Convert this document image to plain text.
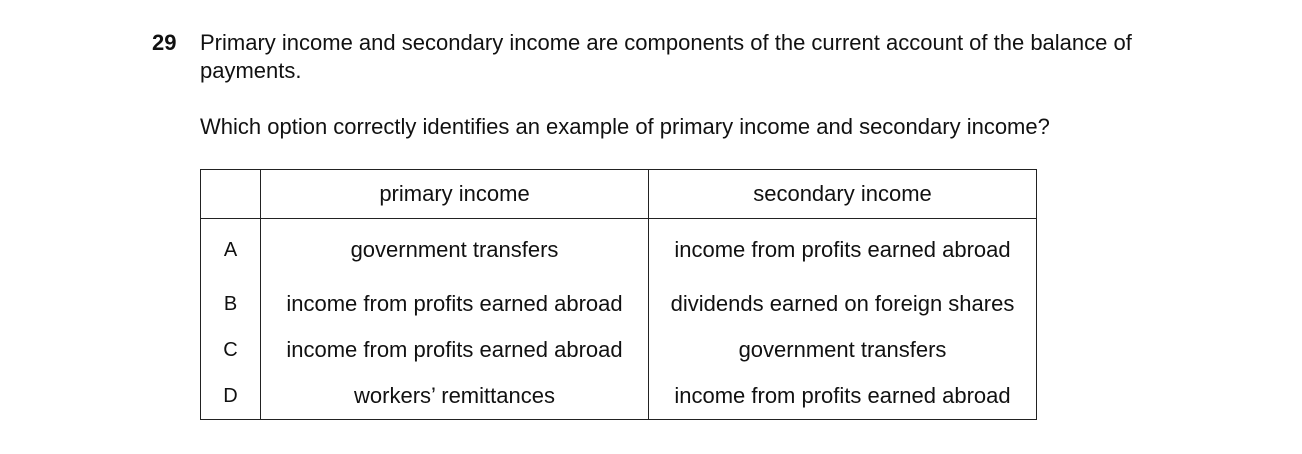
29 Primary income and secondary income are components of the current account of the balance of payments.
Which option correctly identifies an example of primary income and secondary income?
	primary income	secondary income
A	government transfers	income from profits earned abroad
B	income from profits earned abroad	dividends earned on foreign shares
C	income from profits earned abroad	government transfers
D	workers’ remittances	income from profits earned abroad
